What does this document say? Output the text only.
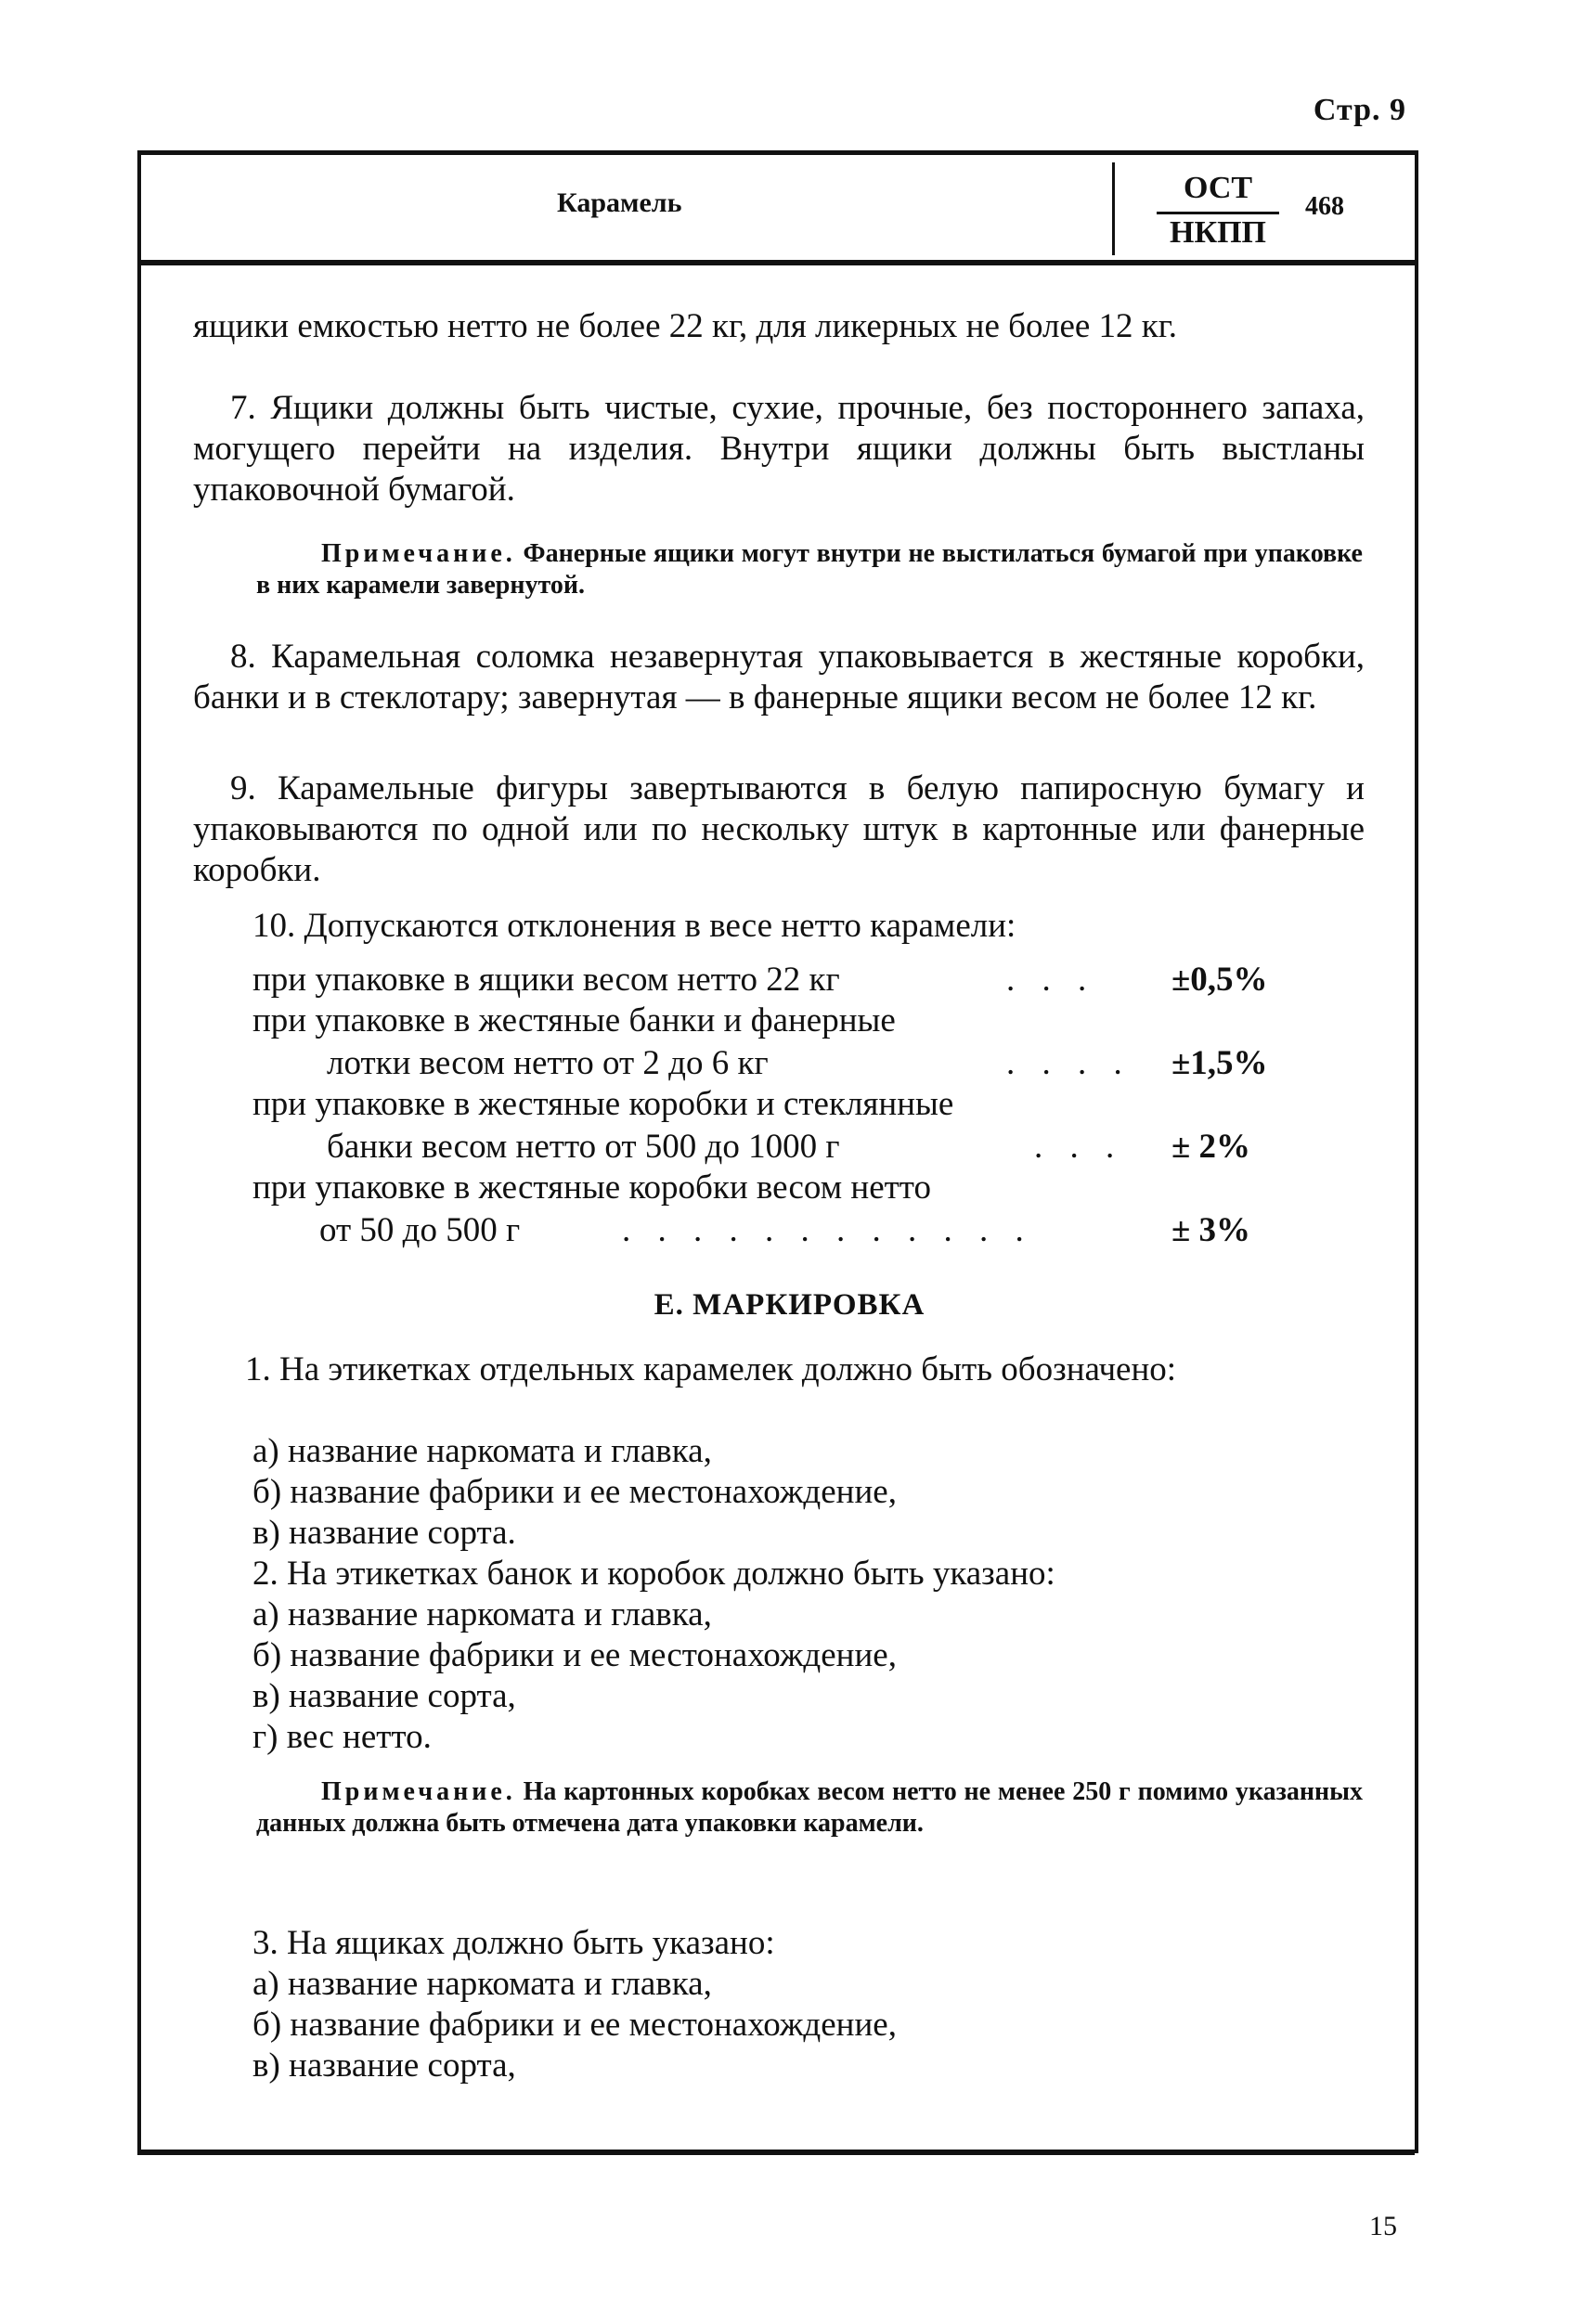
Стр. 9
Карамель	ОСТ
НКПП
468
ящики емкостью нетто не более 22 кг, для ликерных не более 12 кг.
7. Ящики должны быть чистые, сухие, прочные, без постороннего запаха, могущего перейти на изделия. Внутри ящики должны быть выстланы упаковочной бумагой.
Примечание. Фанерные ящики могут внутри не выстилаться бумагой при упаковке в них карамели завернутой.
8. Карамельная соломка незавернутая упаковывается в жестяные коробки, банки и в стеклотару; завернутая — в фанерные ящики весом не более 12 кг.
9. Карамельные фигуры завертываются в белую папиросную бумагу и упаковываются по одной или по нескольку штук в картонные или фанерные коробки.
10. Допускаются отклонения в весе нетто карамели:
при упаковке в ящики весом нетто 22 кг	. . . ±0,5%
при упаковке в жестяные банки и фанерные
лотки весом нетто от 2 до 6 кг	. . . . ±1,5%
при упаковке в жестяные коробки и стеклянные
банки весом нетто от 500 до 1000 г	. . . ± 2%
при упаковке в жестяные коробки весом нетто
от 50 до 500 г	. . . . . . . . . . . .	± 3%
Е. МАРКИРОВКА
1. На этикетках отдельных карамелек должно быть обозначено:
а) название наркомата и главка,
б) название фабрики и ее местонахождение,
в) название сорта.
2. На этикетках банок и коробок должно быть указано:
а) название наркомата и главка,
б) название фабрики и ее местонахождение,
в) название сорта,
г) вес нетто.
Примечание. На картонных коробках весом нетто не менее 250 г помимо указанных данных должна быть отмечена дата упаковки карамели.
3. На ящиках должно быть указано:
а) название наркомата и главка,
б) название фабрики и ее местонахождение,
в) название сорта,
15
